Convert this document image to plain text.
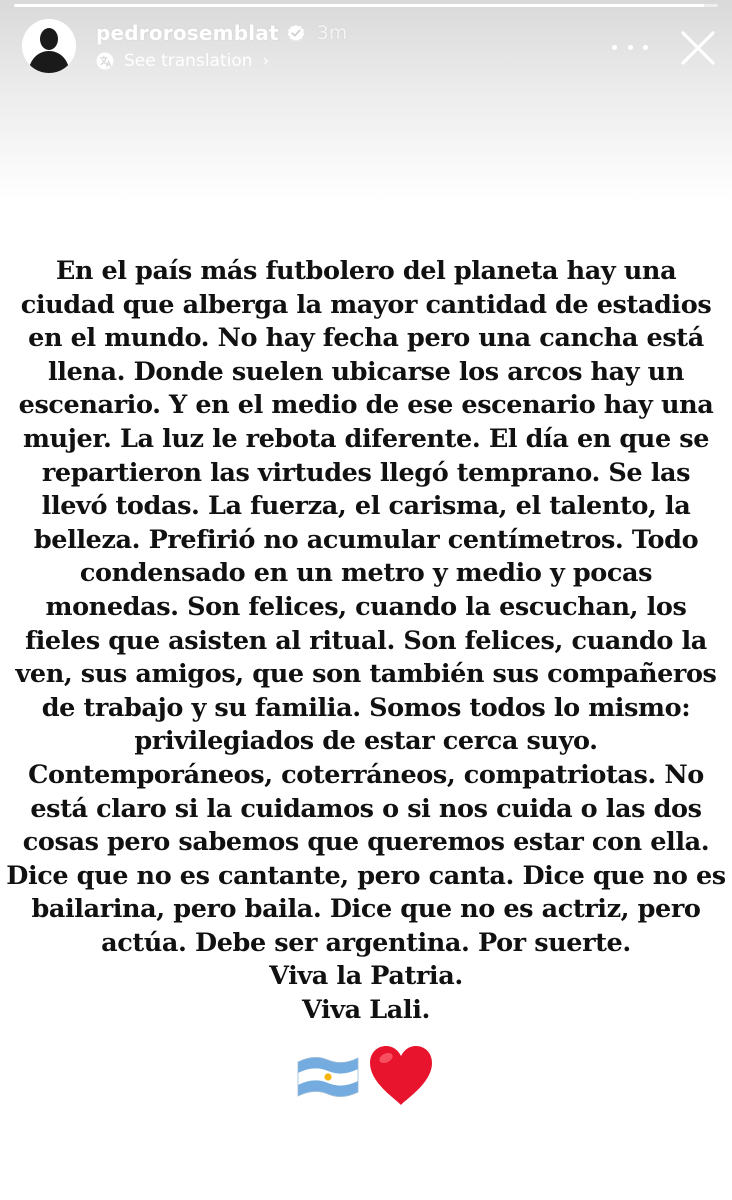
pedrorosemblat 3m
See translation ›
En el país más futbolero del planeta hay una
ciudad que alberga la mayor cantidad de estadios
en el mundo. No hay fecha pero una cancha está
llena. Donde suelen ubicarse los arcos hay un
escenario. Y en el medio de ese escenario hay una
mujer. La luz le rebota diferente. El día en que se
repartieron las virtudes llegó temprano. Se las
llevó todas. La fuerza, el carisma, el talento, la
belleza. Prefirió no acumular centímetros. Todo
condensado en un metro y medio y pocas
monedas. Son felices, cuando la escuchan, los
fieles que asisten al ritual. Son felices, cuando la
ven, sus amigos, que son también sus compañeros
de trabajo y su familia. Somos todos lo mismo:
privilegiados de estar cerca suyo.
Contemporáneos, coterráneos, compatriotas. No
está claro si la cuidamos o si nos cuida o las dos
cosas pero sabemos que queremos estar con ella.
Dice que no es cantante, pero canta. Dice que no es
bailarina, pero baila. Dice que no es actriz, pero
actúa. Debe ser argentina. Por suerte.
Viva la Patria.
Viva Lali.
